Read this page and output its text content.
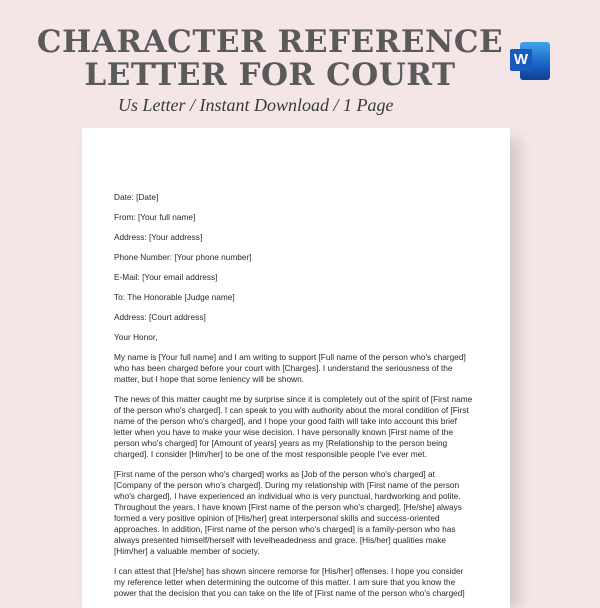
CHARACTER REFERENCE
LETTER FOR COURT	W

Us Letter / Instant Download / 1 Page

Date: [Date]

From: [Your full name]

Address: [Your address]

Phone Number: [Your phone number]

E-Mail: [Your email address]

To: The Honorable [Judge name]

Address: [Court address]

Your Honor,

My name is [Your full name] and I am writing to support [Full name of the person who's charged] who has been charged before your court with [Charges]. I understand the seriousness of the matter, but I hope that some leniency will be shown.

The news of this matter caught me by surprise since it is completely out of the spirit of [First name of the person who's charged]. I can speak to you with authority about the moral condition of [First name of the person who's charged], and I hope your good faith will take into account this brief letter when you have to make your wise decision. I have personally known [First name of the person who's charged] for [Amount of years] years as my [Relationship to the person being charged]. I consider [Him/her] to be one of the most responsible people I've ever met.

[First name of the person who's charged] works as [Job of the person who's charged] at [Company of the person who's charged]. During my relationship with [First name of the person who's charged], I have experienced an individual who is very punctual, hardworking and polite. Throughout the years, I have known [First name of the person who's charged], [He/she] always formed a very positive opinion of [His/her] great interpersonal skills and success-oriented approaches. In addition, [First name of the person who's charged] is a family-person who has always presented himself/herself with levelheadedness and grace. [His/her] qualities make [Him/her] a valuable member of society.

I can attest that [He/she] has shown sincere remorse for [His/her] offenses. I hope you consider my reference letter when determining the outcome of this matter. I am sure that you know the power that the decision that you can take on the life of [First name of the person who's charged]
